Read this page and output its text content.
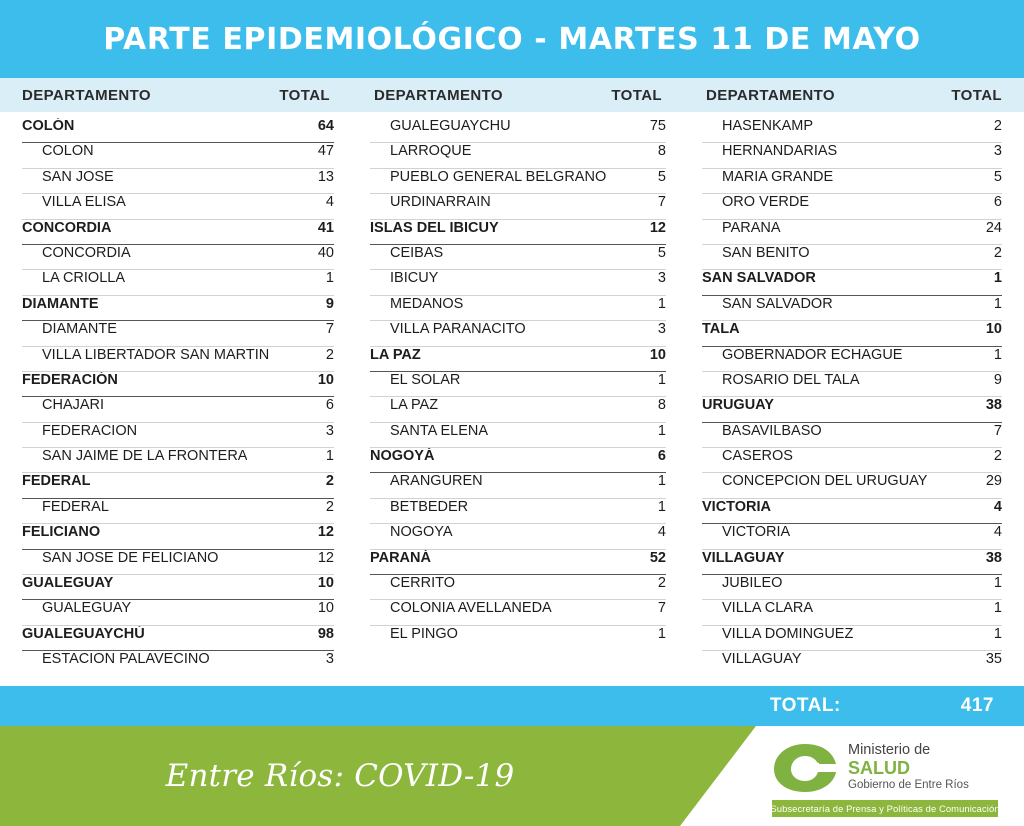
PARTE EPIDEMIOLÓGICO - MARTES 11 DE MAYO
DEPARTAMENTO	TOTAL	DEPARTAMENTO	TOTAL	DEPARTAMENTO	TOTAL
COLÓN	64
COLON	47
SAN JOSE	13
VILLA ELISA	4
CONCORDIA	41
CONCORDIA	40
LA CRIOLLA	1
DIAMANTE	9
DIAMANTE	7
VILLA LIBERTADOR SAN MARTIN	2
FEDERACIÓN	10
CHAJARI	6
FEDERACION	3
SAN JAIME DE LA FRONTERA	1
FEDERAL	2
FEDERAL	2
FELICIANO	12
SAN JOSE DE FELICIANO	12
GUALEGUAY	10
GUALEGUAY	10
GUALEGUAYCHÚ	98
ESTACION PALAVECINO	3
GUALEGUAYCHU	75
LARROQUE	8
PUEBLO GENERAL BELGRANO	5
URDINARRAIN	7
ISLAS DEL IBICUY	12
CEIBAS	5
IBICUY	3
MEDANOS	1
VILLA PARANACITO	3
LA PAZ	10
EL SOLAR	1
LA PAZ	8
SANTA ELENA	1
NOGOYÁ	6
ARANGUREN	1
BETBEDER	1
NOGOYA	4
PARANÁ	52
CERRITO	2
COLONIA AVELLANEDA	7
EL PINGO	1
HASENKAMP	2
HERNANDARIAS	3
MARIA GRANDE	5
ORO VERDE	6
PARANA	24
SAN BENITO	2
SAN SALVADOR	1
SAN SALVADOR	1
TALA	10
GOBERNADOR ECHAGUE	1
ROSARIO DEL TALA	9
URUGUAY	38
BASAVILBASO	7
CASEROS	2
CONCEPCION DEL URUGUAY	29
VICTORIA	4
VICTORIA	4
VILLAGUAY	38
JUBILEO	1
VILLA CLARA	1
VILLA DOMINGUEZ	1
VILLAGUAY	35
TOTAL:	417
Entre Ríos: COVID-19	er
Ministerio de
SALUD
Gobierno de Entre Ríos
Subsecretaría de Prensa y Políticas de Comunicación
